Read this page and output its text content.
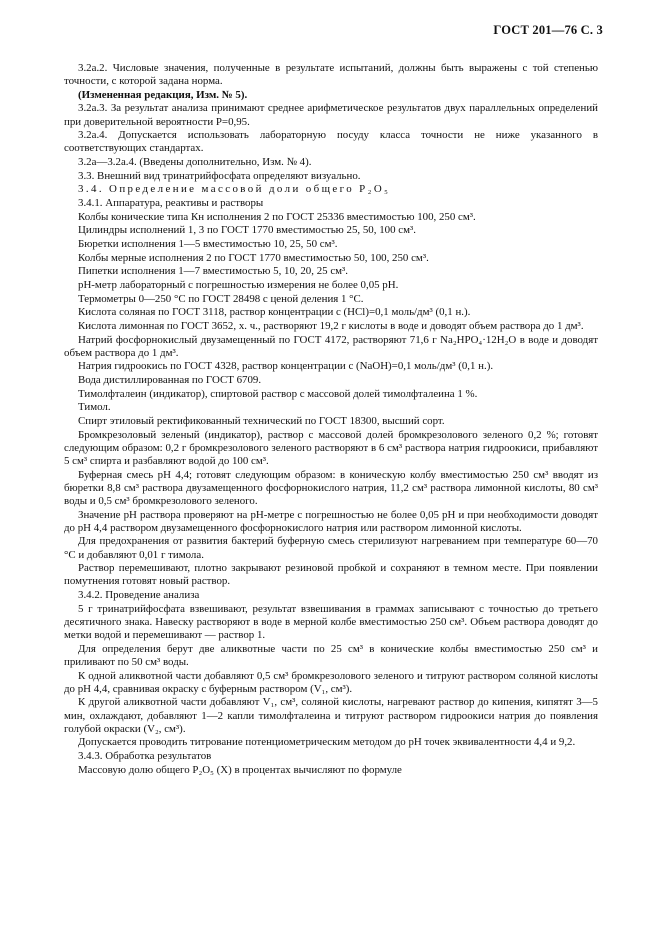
ГОСТ 201—76 С. 3

3.2а.2. Числовые значения, полученные в результате испытаний, должны быть выражены с той степенью точности, с которой задана норма.

(Измененная редакция, Изм. № 5).

3.2а.3. За результат анализа принимают среднее арифметическое результатов двух параллельных определений при доверительной вероятности Р=0,95.

3.2а.4. Допускается использовать лабораторную посуду класса точности не ниже указанного в соответствующих стандартах.

3.2а—3.2а.4. (Введены дополнительно, Изм. № 4).

3.3. Внешний вид тринатрийфосфата определяют визуально.

3.4. Определение массовой доли общего P₂O₅

3.4.1. Аппаратура, реактивы и растворы

Колбы конические типа Кн исполнения 2 по ГОСТ 25336 вместимостью 100, 250 см³.

Цилиндры исполнений 1, 3 по ГОСТ 1770 вместимостью 25, 50, 100 см³.

Бюретки исполнения 1—5 вместимостью 10, 25, 50 см³.

Колбы мерные исполнения 2 по ГОСТ 1770 вместимостью 50, 100, 250 см³.

Пипетки исполнения 1—7 вместимостью 5, 10, 20, 25 см³.

рН-метр лабораторный с погрешностью измерения не более 0,05 рН.

Термометры 0—250 °С по ГОСТ 28498 с ценой деления 1 °С.

Кислота соляная по ГОСТ 3118, раствор концентрации с (HCl)=0,1 моль/дм³ (0,1 н.).

Кислота лимонная по ГОСТ 3652, х. ч., растворяют 19,2 г кислоты в воде и доводят объем раствора до 1 дм³.

Натрий фосфорнокислый двузамещенный по ГОСТ 4172, растворяют 71,6 г Na₂HPO₄·12H₂O в воде и доводят объем раствора до 1 дм³.

Натрия гидроокись по ГОСТ 4328, раствор концентрации с (NaOH)=0,1 моль/дм³ (0,1 н.).

Вода дистиллированная по ГОСТ 6709.

Тимолфталеин (индикатор), спиртовой раствор с массовой долей тимолфталеина 1 %.

Тимол.

Спирт этиловый ректификованный технический по ГОСТ 18300, высший сорт.

Бромкрезоловый зеленый (индикатор), раствор с массовой долей бромкрезолового зеленого 0,2 %; готовят следующим образом: 0,2 г бромкрезолового зеленого растворяют в 6 см³ раствора натрия гидроокиси, прибавляют 5 см³ спирта и разбавляют водой до 100 см³.

Буферная смесь рН 4,4; готовят следующим образом: в коническую колбу вместимостью 250 см³ вводят из бюретки 8,8 см³ раствора двузамещенного фосфорнокислого натрия, 11,2 см³ раствора лимонной кислоты, 80 см³ воды и 0,5 см³ бромкрезолового зеленого.

Значение рН раствора проверяют на рН-метре с погрешностью не более 0,05 рН и при необходимости доводят до рН 4,4 раствором двузамещенного фосфорнокислого натрия или раствором лимонной кислоты.

Для предохранения от развития бактерий буферную смесь стерилизуют нагреванием при температуре 60—70 °С и добавляют 0,01 г тимола.

Раствор перемешивают, плотно закрывают резиновой пробкой и сохраняют в темном месте. При появлении помутнения готовят новый раствор.

3.4.2. Проведение анализа

5 г тринатрийфосфата взвешивают, результат взвешивания в граммах записывают с точностью до третьего десятичного знака. Навеску растворяют в воде в мерной колбе вместимостью 250 см³. Объем раствора доводят до метки водой и перемешивают — раствор 1.

Для определения берут две аликвотные части по 25 см³ в конические колбы вместимостью 250 см³ и приливают по 50 см³ воды.

К одной аликвотной части добавляют 0,5 см³ бромкрезолового зеленого и титруют раствором соляной кислоты до рН 4,4, сравнивая окраску с буферным раствором (V₁, см³).

К другой аликвотной части добавляют V₁, см³, соляной кислоты, нагревают раствор до кипения, кипятят 3—5 мин, охлаждают, добавляют 1—2 капли тимолфталеина и титруют раствором гидроокиси натрия до появления голубой окраски (V₂, см³).

Допускается проводить титрование потенциометрическим методом до рН точек эквивалентности 4,4 и 9,2.

3.4.3. Обработка результатов

Массовую долю общего P₂O₅ (X) в процентах вычисляют по формуле
